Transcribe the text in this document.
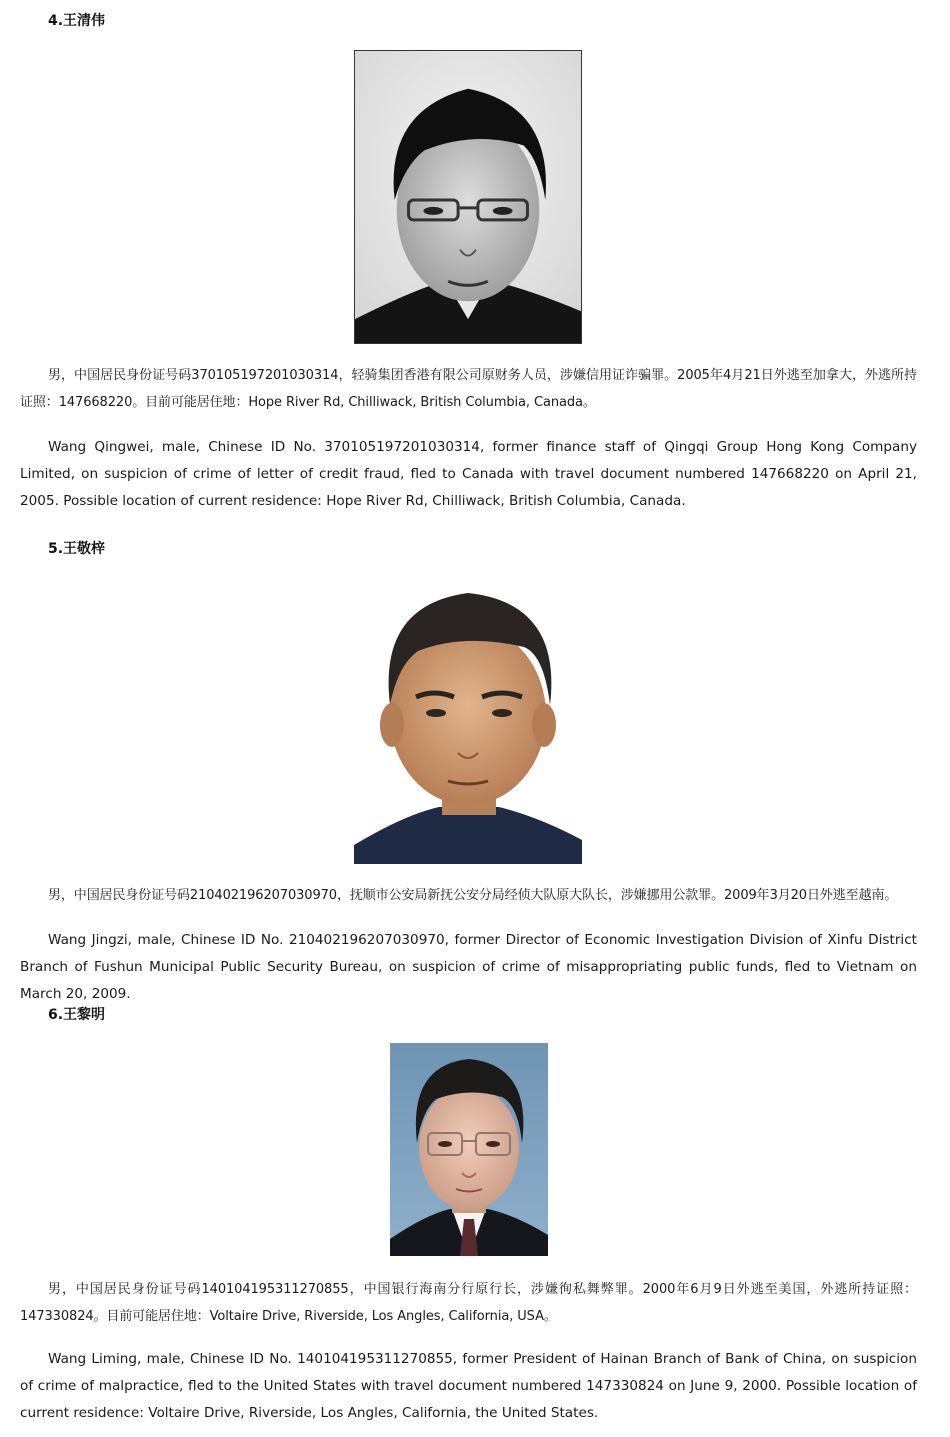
4.王清伟
男，中国居民身份证号码370105197201030314，轻骑集团香港有限公司原财务人员，涉嫌信用证诈骗罪。2005年4月21日外逃至加拿大，外逃所持证照：147668220。目前可能居住地：Hope River Rd, Chilliwack, British Columbia, Canada。
Wang Qingwei, male, Chinese ID No. 370105197201030314, former finance staff of Qingqi Group Hong Kong Company Limited, on suspicion of crime of letter of credit fraud, fled to Canada with travel document numbered 147668220 on April 21, 2005. Possible location of current residence: Hope River Rd, Chilliwack, British Columbia, Canada.
5.王敬梓
男，中国居民身份证号码210402196207030970，抚顺市公安局新抚公安分局经侦大队原大队长，涉嫌挪用公款罪。2009年3月20日外逃至越南。
Wang Jingzi, male, Chinese ID No. 210402196207030970, former Director of Economic Investigation Division of Xinfu District Branch of Fushun Municipal Public Security Bureau, on suspicion of crime of misappropriating public funds, fled to Vietnam on March 20, 2009.
6.王黎明
男，中国居民身份证号码140104195311270855，中国银行海南分行原行长，涉嫌徇私舞弊罪。2000年6月9日外逃至美国，外逃所持证照：147330824。目前可能居住地：Voltaire Drive, Riverside, Los Angles, California, USA。
Wang Liming, male, Chinese ID No. 140104195311270855, former President of Hainan Branch of Bank of China, on suspicion of crime of malpractice, fled to the United States with travel document numbered 147330824 on June 9, 2000. Possible location of current residence: Voltaire Drive, Riverside, Los Angles, California, the United States.
